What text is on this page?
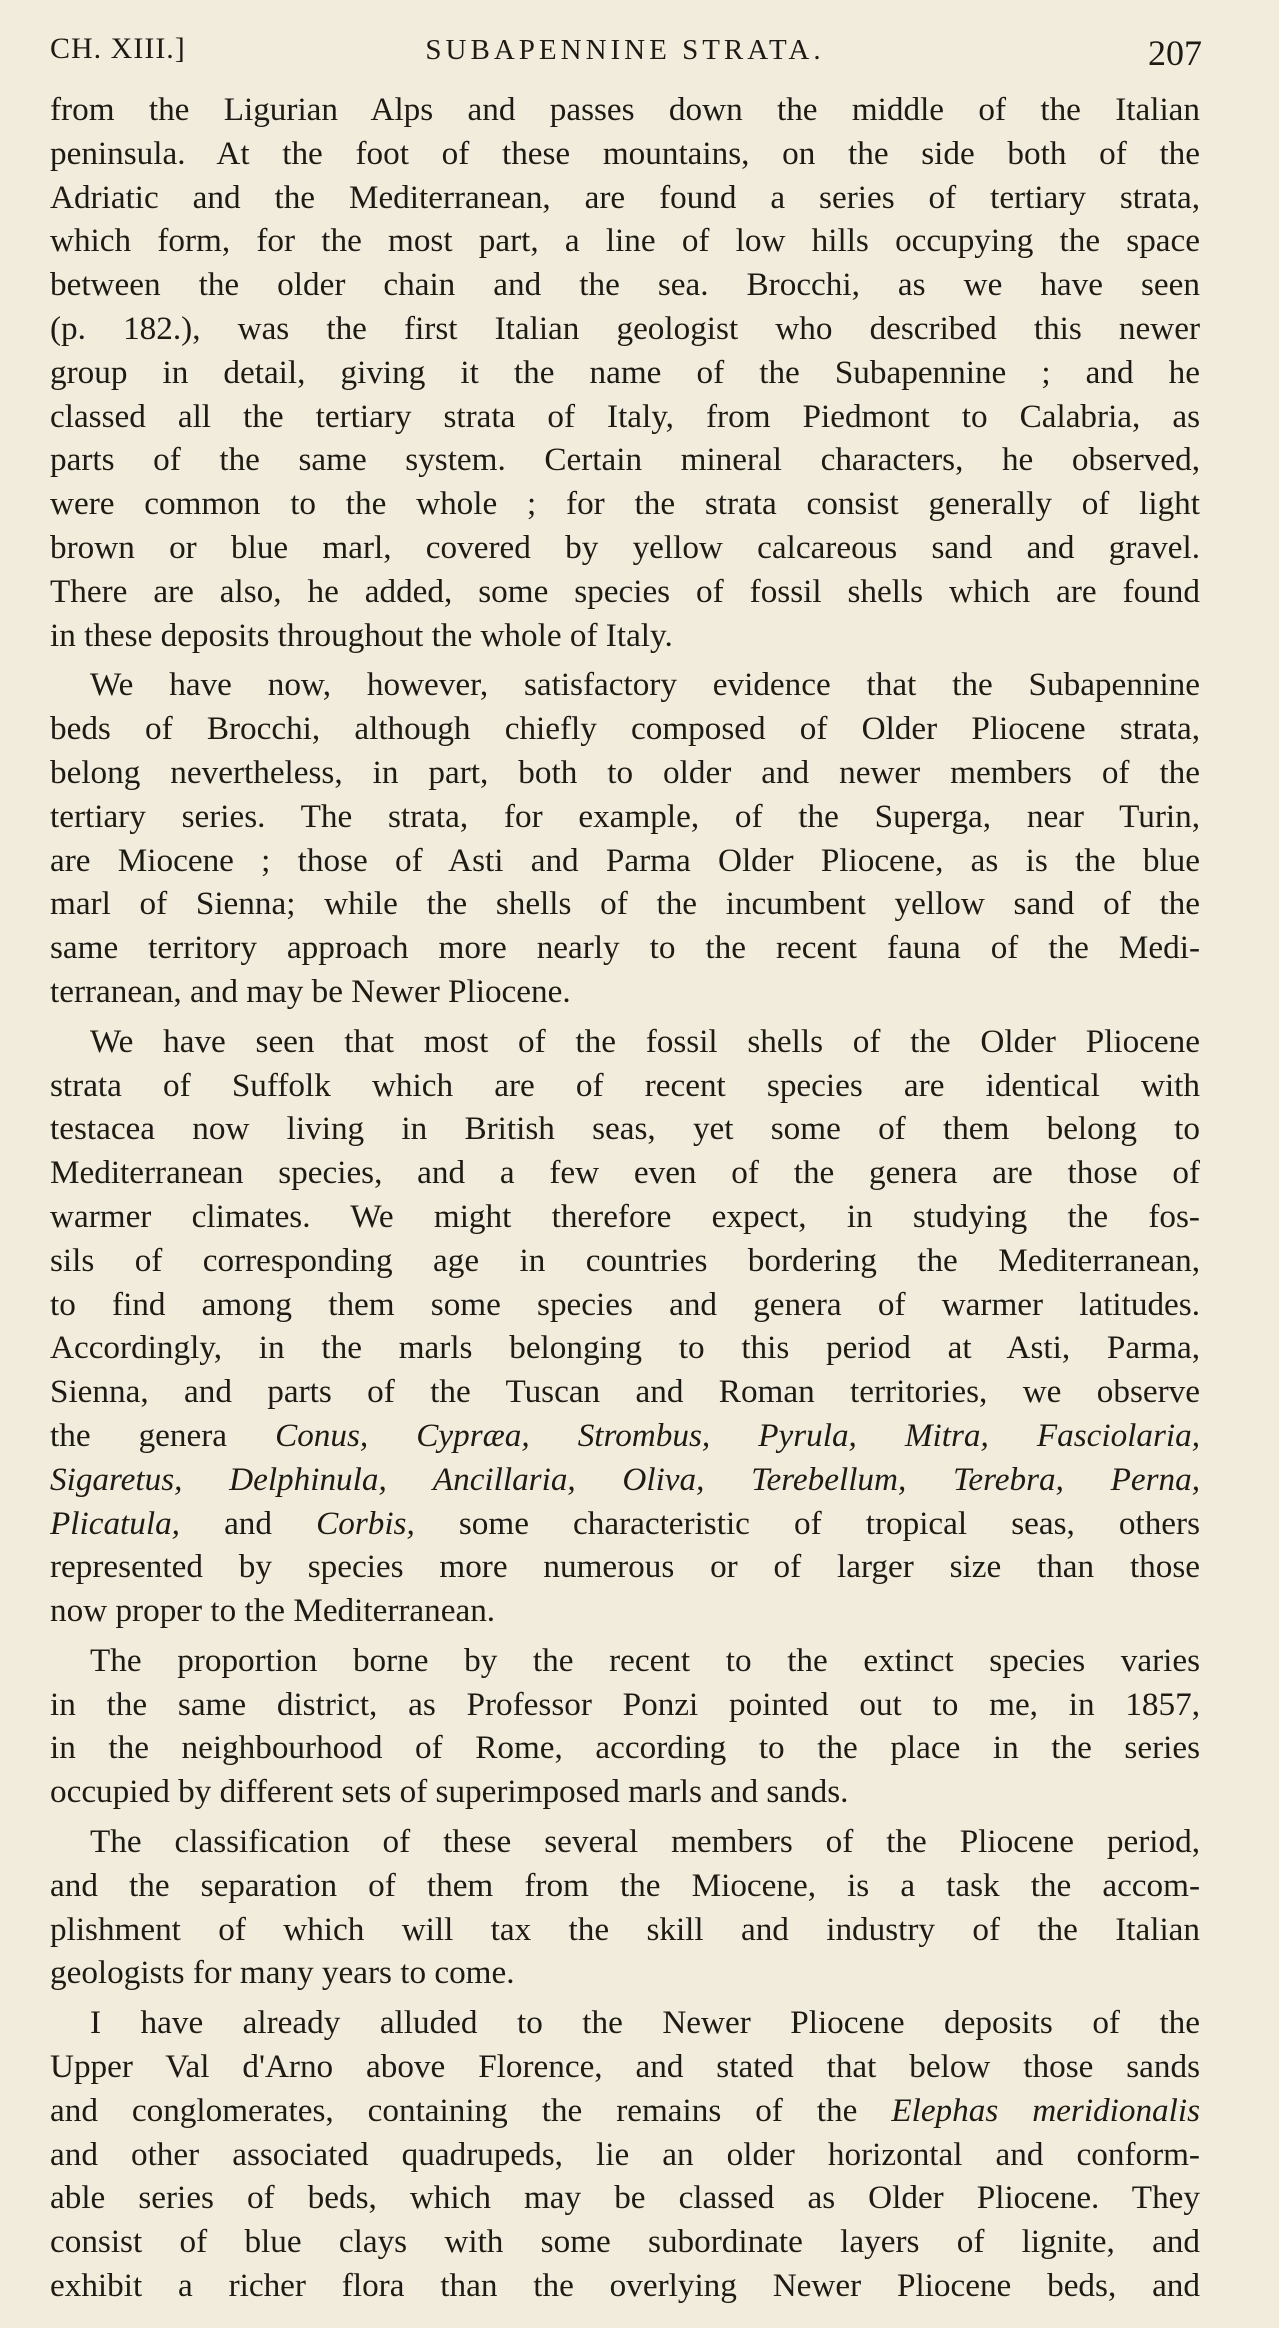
CH. XIII.]	SUBAPENNINE STRATA.	207
from the Ligurian Alps and passes down the middle of the Italian
peninsula. At the foot of these mountains, on the side both of the
Adriatic and the Mediterranean, are found a series of tertiary strata,
which form, for the most part, a line of low hills occupying the space
between the older chain and the sea. Brocchi, as we have seen
(p. 182.), was the first Italian geologist who described this newer
group in detail, giving it the name of the Subapennine ; and he
classed all the tertiary strata of Italy, from Piedmont to Calabria, as
parts of the same system. Certain mineral characters, he observed,
were common to the whole ; for the strata consist generally of light
brown or blue marl, covered by yellow calcareous sand and gravel.
There are also, he added, some species of fossil shells which are found
in these deposits throughout the whole of Italy.
We have now, however, satisfactory evidence that the Subapennine
beds of Brocchi, although chiefly composed of Older Pliocene strata,
belong nevertheless, in part, both to older and newer members of the
tertiary series. The strata, for example, of the Superga, near Turin,
are Miocene ; those of Asti and Parma Older Pliocene, as is the blue
marl of Sienna; while the shells of the incumbent yellow sand of the
same territory approach more nearly to the recent fauna of the Medi-
terranean, and may be Newer Pliocene.
We have seen that most of the fossil shells of the Older Pliocene
strata of Suffolk which are of recent species are identical with
testacea now living in British seas, yet some of them belong to
Mediterranean species, and a few even of the genera are those of
warmer climates. We might therefore expect, in studying the fos-
sils of corresponding age in countries bordering the Mediterranean,
to find among them some species and genera of warmer latitudes.
Accordingly, in the marls belonging to this period at Asti, Parma,
Sienna, and parts of the Tuscan and Roman territories, we observe
the genera Conus, Cypræa, Strombus, Pyrula, Mitra, Fasciolaria,
Sigaretus, Delphinula, Ancillaria, Oliva, Terebellum, Terebra, Perna,
Plicatula, and Corbis, some characteristic of tropical seas, others
represented by species more numerous or of larger size than those
now proper to the Mediterranean.
The proportion borne by the recent to the extinct species varies
in the same district, as Professor Ponzi pointed out to me, in 1857,
in the neighbourhood of Rome, according to the place in the series
occupied by different sets of superimposed marls and sands.
The classification of these several members of the Pliocene period,
and the separation of them from the Miocene, is a task the accom-
plishment of which will tax the skill and industry of the Italian
geologists for many years to come.
I have already alluded to the Newer Pliocene deposits of the
Upper Val d'Arno above Florence, and stated that below those sands
and conglomerates, containing the remains of the Elephas meridionalis
and other associated quadrupeds, lie an older horizontal and conform-
able series of beds, which may be classed as Older Pliocene. They
consist of blue clays with some subordinate layers of lignite, and
exhibit a richer flora than the overlying Newer Pliocene beds, and
